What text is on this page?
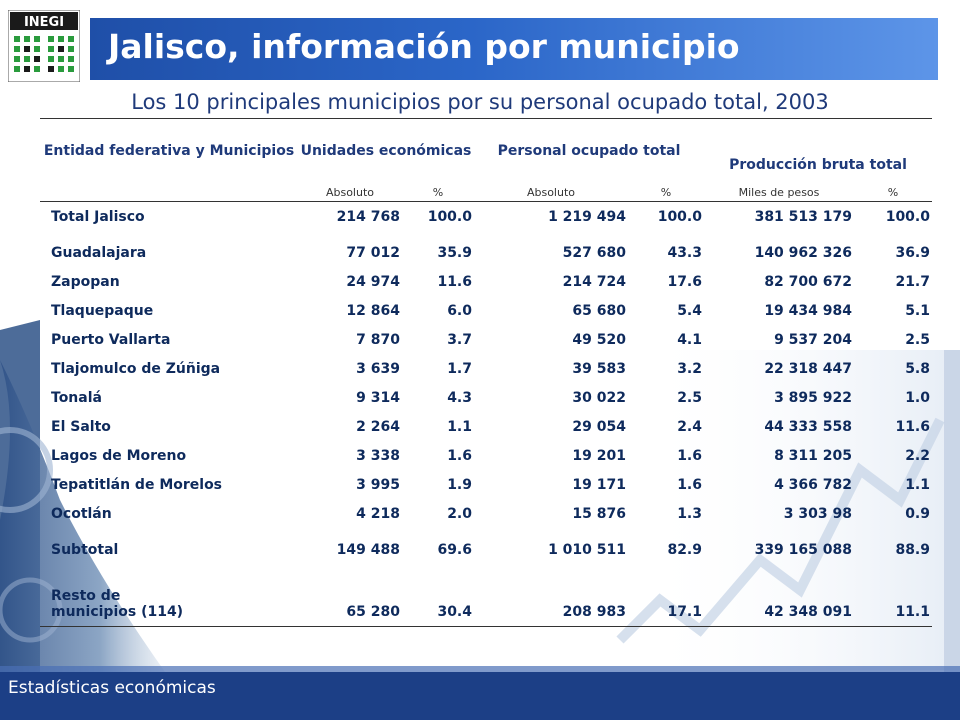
INEGI
Jalisco, información por municipio
Los 10 principales municipios por su personal ocupado total, 2003
Entidad federativa y Municipios	Unidades económicas		Personal ocupado total		Producción bruta total	
	Absoluto	%	Absoluto	%	Miles de pesos	%
Total Jalisco	214 768	100.0	1 219 494	100.0	381 513 179	100.0

Guadalajara	77 012	35.9	527 680	43.3	140 962 326	36.9
Zapopan	24 974	11.6	214 724	17.6	82 700 672	21.7
Tlaquepaque	12 864	6.0	65 680	5.4	19 434 984	5.1
Puerto Vallarta	7 870	3.7	49 520	4.1	9 537 204	2.5
Tlajomulco de Zúñiga	3 639	1.7	39 583	3.2	22 318 447	5.8
Tonalá	9 314	4.3	30 022	2.5	3 895 922	1.0
El Salto	2 264	1.1	29 054	2.4	44 333 558	11.6
Lagos de Moreno	3 338	1.6	19 201	1.6	8 311 205	2.2
Tepatitlán de Morelos	3 995	1.9	19 171	1.6	4 366 782	1.1
Ocotlán	4 218	2.0	15 876	1.3	3 303 98	0.9

Subtotal	149 488	69.6	1 010 511	82.9	339 165 088	88.9
Resto de
municipios (114)	65 280	30.4	208 983	17.1	42 348 091	11.1
Estadísticas económicas
